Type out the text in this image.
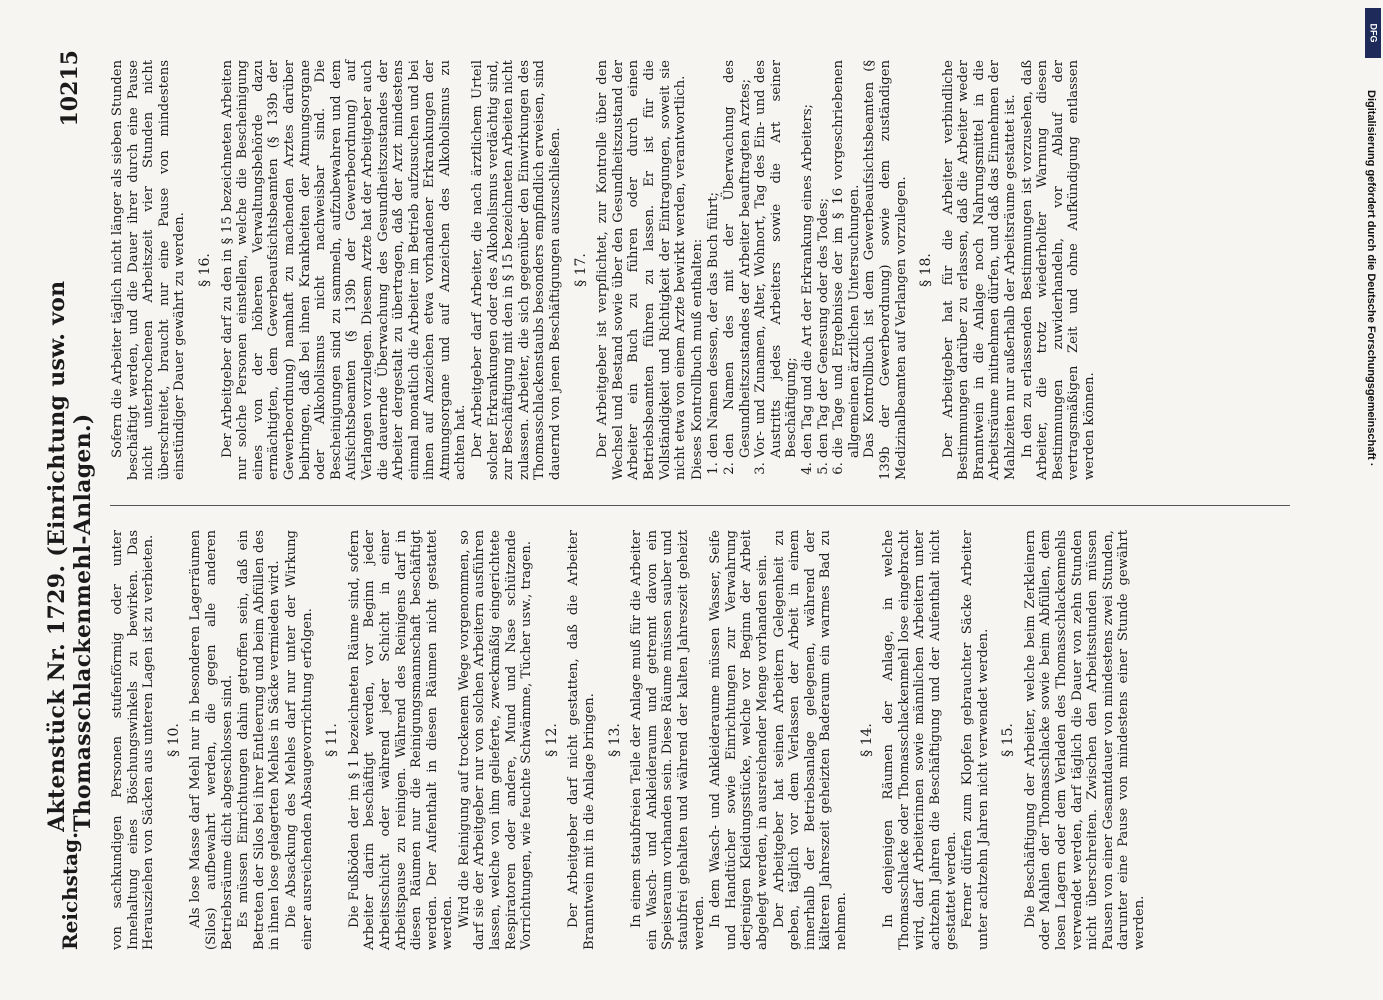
Reichstag.
Aktenstück Nr. 1729. (Einrichtung usw. von Thomasschlackenmehl-Anlagen.)
10215

von sachkundigen Personen stufenförmig oder unter Innehaltung eines Böschungswinkels zu bewirken. Das Herausziehen von Säcken aus unteren Lagen ist zu verbieten. § 10. Als lose Masse darf Mehl nur in besonderen Lagerräumen (Silos) aufbewahrt werden, die gegen alle anderen Betriebsräume dicht abgeschlossen sind. Es müssen Einrichtungen dahin getroffen sein, daß ein Betreten der Silos bei ihrer Entleerung und beim Abfüllen des in ihnen lose gelagerten Mehles in Säcke vermieden wird. Die Absackung des Mehles darf nur unter der Wirkung einer ausreichenden Absaugevorrichtung erfolgen. § 11. Die Fußböden der im § 1 bezeichneten Räume sind, sofern Arbeiter darin beschäftigt werden, vor Beginn jeder Arbeitsschicht oder während jeder Schicht in einer Arbeitspause zu reinigen. Während des Reinigens darf in diesen Räumen nur die Reinigungsmannschaft beschäftigt werden. Der Aufenthalt in diesen Räumen nicht gestattet werden. Wird die Reinigung auf trockenem Wege vorgenommen, so darf sie der Arbeitgeber nur von solchen Arbeitern ausführen lassen, welche von ihm gelieferte, zweckmäßig eingerichtete Respiratoren oder andere, Mund und Nase schützende Vorrichtungen, wie feuchte Schwämme, Tücher usw., tragen. § 12. Der Arbeitgeber darf nicht gestatten, daß die Arbeiter Branntwein mit in die Anlage bringen. § 13. In einem staubfreien Teile der Anlage muß für die Arbeiter ein Wasch- und Ankleideraum und getrennt davon ein Speiseraum vorhanden sein. Diese Räume müssen sauber und staubfrei gehalten und während der kalten Jahreszeit geheizt werden. In dem Wasch- und Ankleideraume müssen Wasser, Seife und Handtücher sowie Einrichtungen zur Verwahrung derjenigen Kleidungsstücke, welche vor Beginn der Arbeit abgelegt werden, in ausreichender Menge vorhanden sein. Der Arbeitgeber hat seinen Arbeitern Gelegenheit zu geben, täglich vor dem Verlassen der Arbeit in einem innerhalb der Betriebsanlage gelegenen, während der kälteren Jahreszeit geheizten Baderaum ein warmes Bad zu nehmen.

§ 14. In denjenigen Räumen der Anlage, in welche Thomasschlacke oder Thomasschlackenmehl lose eingebracht wird, darf Arbeiterinnen sowie männlichen Arbeitern unter achtzehn Jahren die Beschäftigung und der Aufenthalt nicht gestattet werden. Ferner dürfen zum Klopfen gebrauchter Säcke Arbeiter unter achtzehn Jahren nicht verwendet werden. § 15. Die Beschäftigung der Arbeiter, welche beim Zerkleinern oder Mahlen der Thomasschlacke sowie beim Abfüllen, dem losen Lagern oder dem Verladen des Thomasschlackenmehls verwendet werden, darf täglich die Dauer von zehn Stunden nicht überschreiten. Zwischen den Arbeitsstunden müssen Pausen von einer Gesamtdauer von mindestens zwei Stunden, darunter eine Pause von mindestens einer Stunde gewährt werden.

Sofern die Arbeiter täglich nicht länger als sieben Stunden beschäftigt werden, und die Dauer ihrer durch eine Pause nicht unterbrochenen Arbeitszeit vier Stunden nicht überschreitet, braucht nur eine Pause von mindestens einstündiger Dauer gewährt zu werden. § 16. Der Arbeitgeber darf zu den in § 15 bezeichneten Arbeiten nur solche Personen einstellen, welche die Bescheinigung eines von der höheren Verwaltungsbehörde dazu ermächtigten, dem Gewerbeaufsichtsbeamten (§ 139b der Gewerbeordnung) namhaft zu machenden Arztes darüber beibringen, daß bei ihnen Krankheiten der Atmungsorgane oder Alkoholismus nicht nachweisbar sind. Die Bescheinigungen sind zu sammeln, aufzubewahren und dem Aufsichtsbeamten (§ 139b der Gewerbeordnung) auf Verlangen vorzulegen. Diesem Arzte hat der Arbeitgeber auch die dauernde Überwachung des Gesundheitszustandes der Arbeiter dergestalt zu übertragen, daß der Arzt mindestens einmal monatlich die Arbeiter im Betrieb aufzusuchen und bei ihnen auf Anzeichen etwa vorhandener Erkrankungen der Atmungsorgane und auf Anzeichen des Alkoholismus zu achten hat. Der Arbeitgeber darf Arbeiter, die nach ärztlichem Urteil solcher Erkrankungen oder des Alkoholismus verdächtig sind, zur Beschäftigung mit den in § 15 bezeichneten Arbeiten nicht zulassen. Arbeiter, die sich gegenüber den Einwirkungen des Thomasschlackenstaubs besonders empfindlich erweisen, sind dauernd von jenen Beschäftigungen auszuschließen. § 17. Der Arbeitgeber ist verpflichtet, zur Kontrolle über den Wechsel und Bestand sowie über den Gesundheitszustand der Arbeiter ein Buch zu führen oder durch einen Betriebsbeamten führen zu lassen. Er ist für die Vollständigkeit und Richtigkeit der Eintragungen, soweit sie nicht etwa von einem Arzte bewirkt werden, verantwortlich. Dieses Kontrollbuch muß enthalten: 1. den Namen dessen, der das Buch führt; 2. den Namen des mit der Überwachung des Gesundheitszustandes der Arbeiter beauftragten Arztes; 3. Vor- und Zunamen, Alter, Wohnort, Tag des Ein- und des Austritts jedes Arbeiters sowie die Art seiner Beschäftigung; 4. den Tag und die Art der Erkrankung eines Arbeiters; 5. den Tag der Genesung oder des Todes; 6. die Tage und Ergebnisse der im § 16 vorgeschriebenen allgemeinen ärztlichen Untersuchungen. Das Kontrollbuch ist dem Gewerbeaufsichtsbeamten (§ 139b der Gewerbeordnung) sowie dem zuständigen Medizinalbeamten auf Verlangen vorzulegen. § 18. Der Arbeitgeber hat für die Arbeiter verbindliche Bestimmungen darüber zu erlassen, daß die Arbeiter weder Branntwein in die Anlage noch Nahrungsmittel in die Arbeitsräume mitnehmen dürfen, und daß das Einnehmen der Mahlzeiten nur außerhalb der Arbeitsräume gestattet ist. In den zu erlassenden Bestimmungen ist vorzusehen, daß Arbeiter, die trotz wiederholter Warnung diesen Bestimmungen zuwiderhandeln, vor Ablauf der vertragsmäßigen Zeit und ohne Aufkündigung entlassen werden können.

DFG
Digitalisierung gefördert durch die Deutsche Forschungsgemeinschaft ·
